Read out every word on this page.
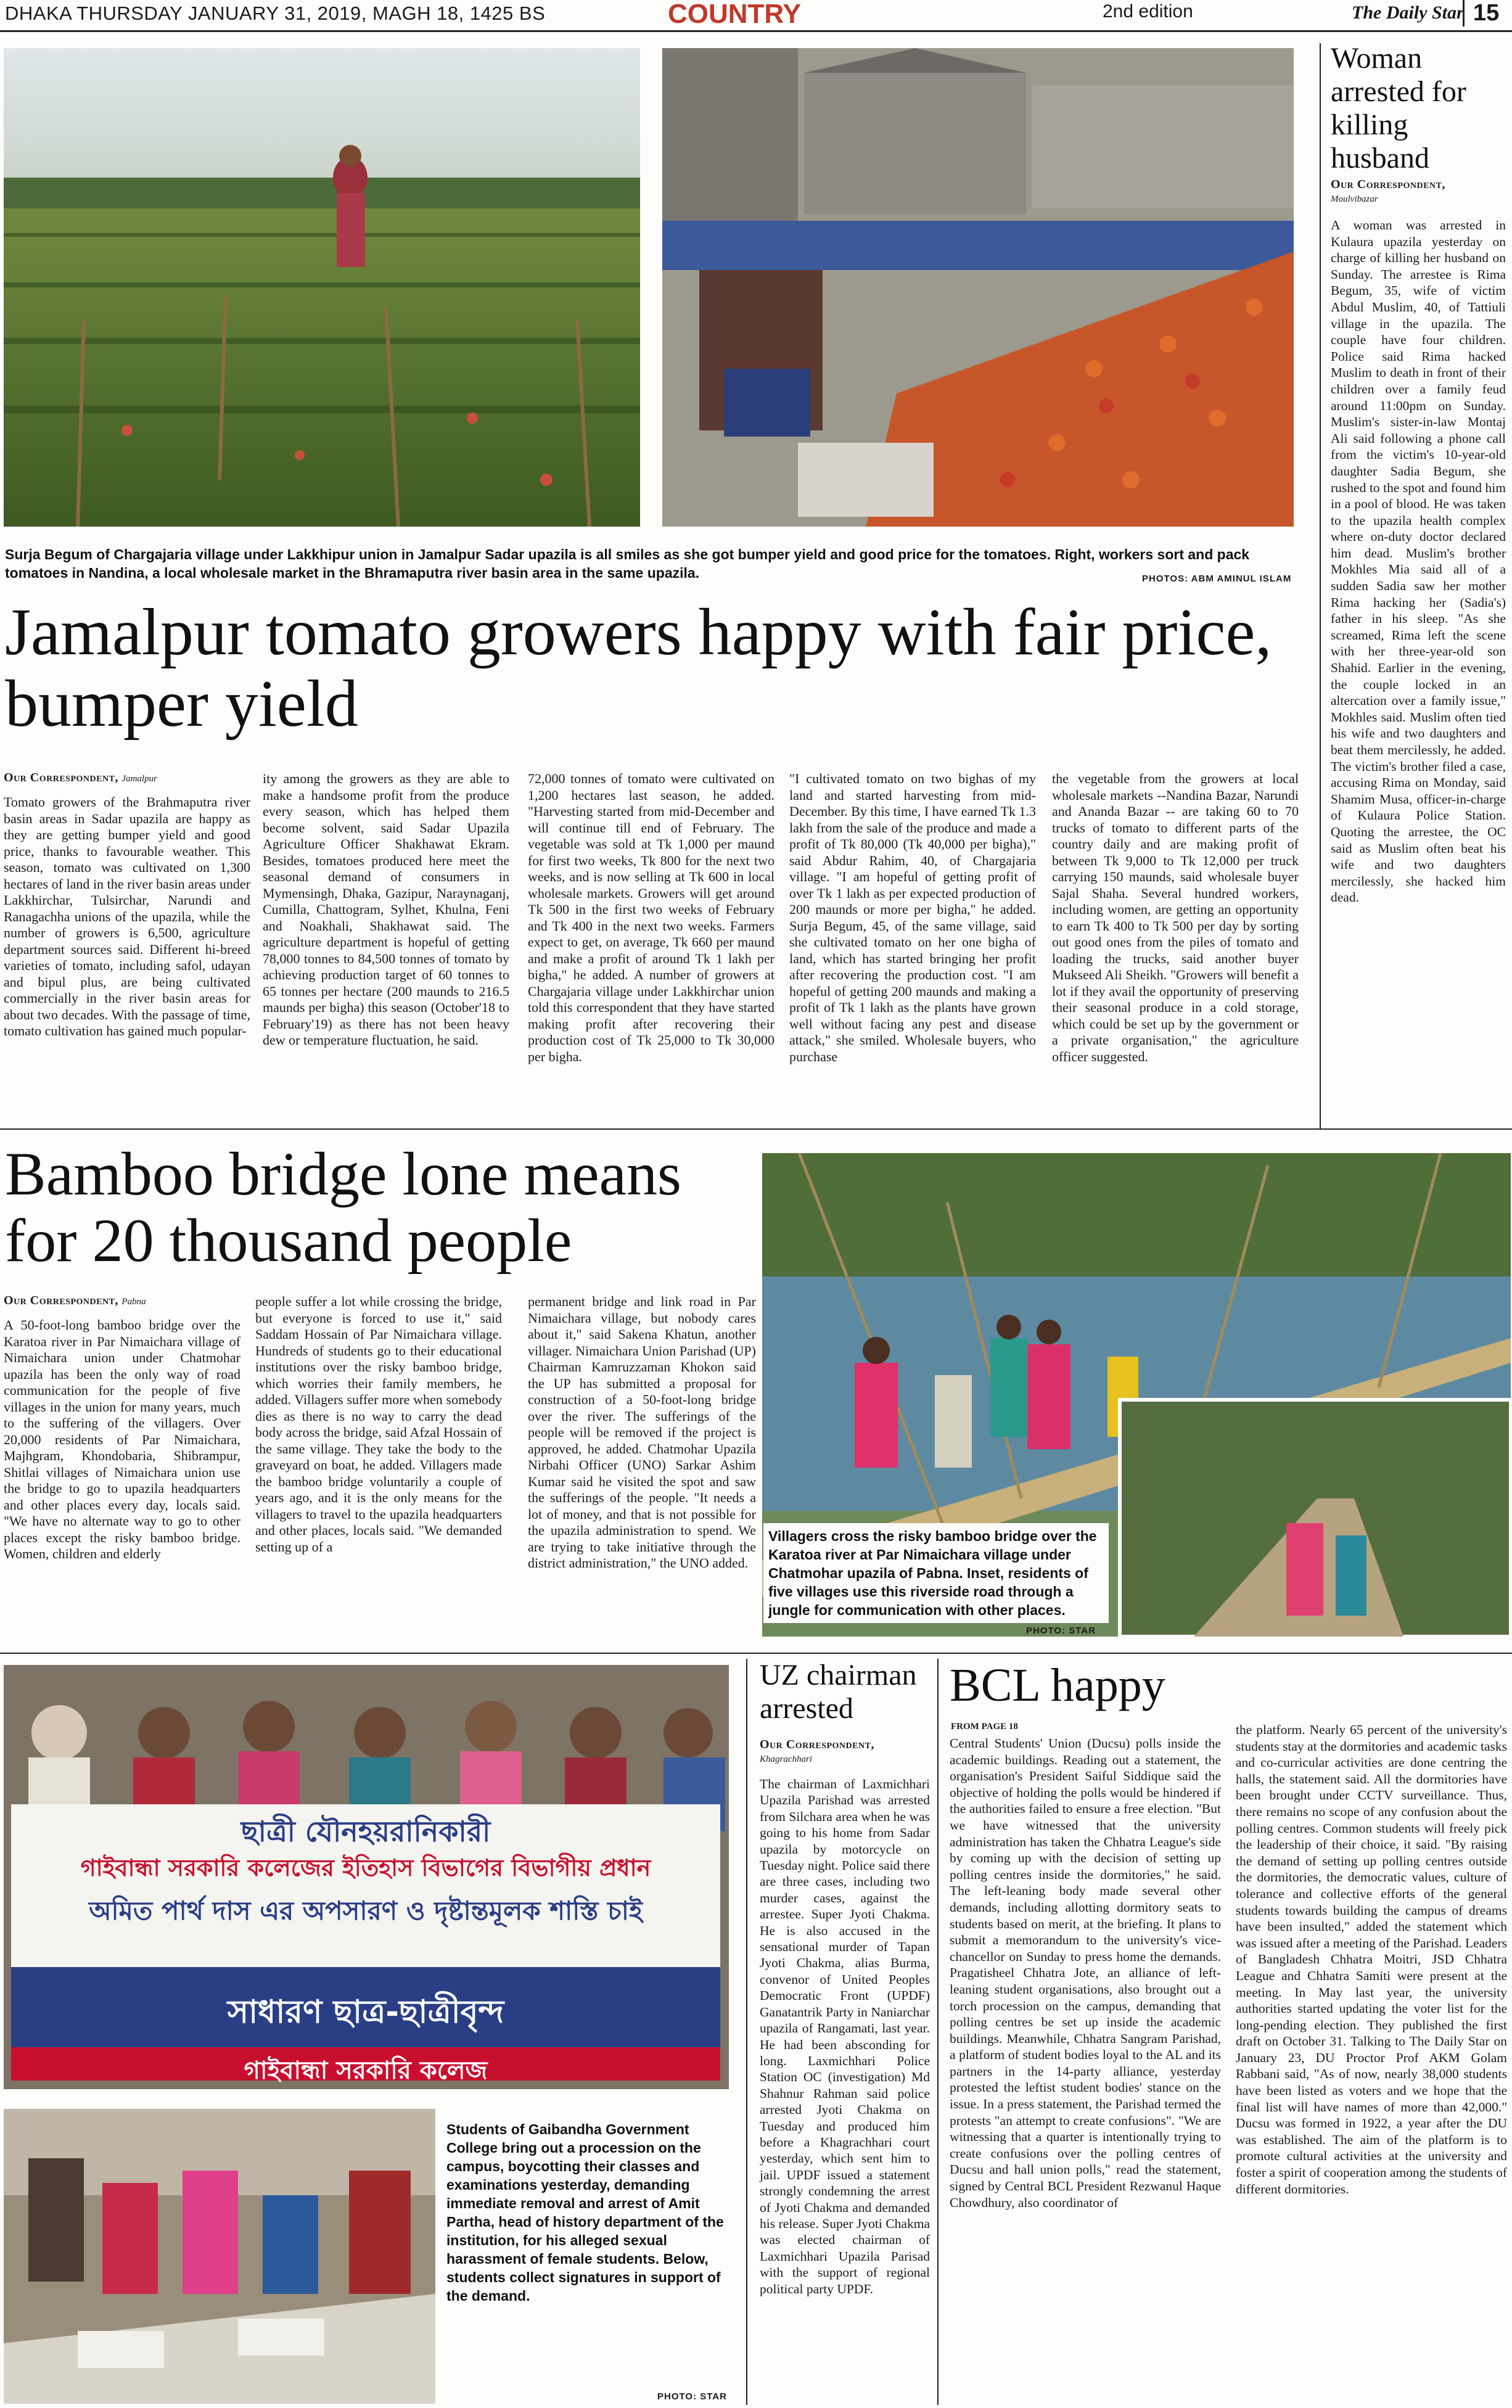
DHAKA THURSDAY JANUARY 31, 2019, MAGH 18, 1425 BS	COUNTRY	2nd edition	The Daily Star 15
Surja Begum of Chargajaria village under Lakkhipur union in Jamalpur Sadar upazila is all smiles as she got bumper yield and good price for the tomatoes. Right, workers sort and pack tomatoes in Nandina, a local wholesale market in the Bhramaputra river basin area in the same upazila.	PHOTOS: ABM AMINUL ISLAM
Jamalpur tomato growers happy with fair price, bumper yield
Our Correspondent, Jamalpur

Tomato growers of the Brahmaputra river basin areas in Sadar upazila are happy as they are getting bumper yield and good price, thanks to favourable weather. This season, tomato was cultivated on 1,300 hectares of land in the river basin areas under Lakkhirchar, Tulsirchar, Narundi and Ranagachha unions of the upazila, while the number of growers is 6,500, agriculture department sources said. Different hi-breed varieties of tomato, including safol, udayan and bipul plus, are being cultivated commercially in the river basin areas for about two decades. With the passage of time, tomato cultivation has gained much popular-

ity among the growers as they are able to make a handsome profit from the produce every season, which has helped them become solvent, said Sadar Upazila Agriculture Officer Shakhawat Ekram. Besides, tomatoes produced here meet the seasonal demand of consumers in Mymensingh, Dhaka, Gazipur, Naraynaganj, Cumilla, Chattogram, Sylhet, Khulna, Feni and Noakhali, Shakhawat said. The agriculture department is hopeful of getting 78,000 tonnes to 84,500 tonnes of tomato by achieving production target of 60 tonnes to 65 tonnes per hectare (200 maunds to 216.5 maunds per bigha) this season (October'18 to February'19) as there has not been heavy dew or temperature fluctuation, he said.

72,000 tonnes of tomato were cultivated on 1,200 hectares last season, he added. "Harvesting started from mid-December and will continue till end of February. The vegetable was sold at Tk 1,000 per maund for first two weeks, Tk 800 for the next two weeks, and is now selling at Tk 600 in local wholesale markets. Growers will get around Tk 500 in the first two weeks of February and Tk 400 in the next two weeks. Farmers expect to get, on average, Tk 660 per maund and make a profit of around Tk 1 lakh per bigha," he added. A number of growers at Chargajaria village under Lakkhirchar union told this correspondent that they have started making profit after recovering their production cost of Tk 25,000 to Tk 30,000 per bigha.

"I cultivated tomato on two bighas of my land and started harvesting from mid-December. By this time, I have earned Tk 1.3 lakh from the sale of the produce and made a profit of Tk 80,000 (Tk 40,000 per bigha)," said Abdur Rahim, 40, of Chargajaria village. "I am hopeful of getting profit of over Tk 1 lakh as per expected production of 200 maunds or more per bigha," he added. Surja Begum, 45, of the same village, said she cultivated tomato on her one bigha of land, which has started bringing her profit after recovering the production cost. "I am hopeful of getting 200 maunds and making a profit of Tk 1 lakh as the plants have grown well without facing any pest and disease attack," she smiled. Wholesale buyers, who purchase

the vegetable from the growers at local wholesale markets --Nandina Bazar, Narundi and Ananda Bazar -- are taking 60 to 70 trucks of tomato to different parts of the country daily and are making profit of between Tk 9,000 to Tk 12,000 per truck carrying 150 maunds, said wholesale buyer Sajal Shaha. Several hundred workers, including women, are getting an opportunity to earn Tk 400 to Tk 500 per day by sorting out good ones from the piles of tomato and loading the trucks, said another buyer Mukseed Ali Sheikh. "Growers will benefit a lot if they avail the opportunity of preserving their seasonal produce in a cold storage, which could be set up by the government or a private organisation," the agriculture officer suggested.

Woman arrested for killing husband
Our Correspondent,
Moulvibazar

A woman was arrested in Kulaura upazila yesterday on charge of killing her husband on Sunday. The arrestee is Rima Begum, 35, wife of victim Abdul Muslim, 40, of Tattiuli village in the upazila. The couple have four children. Police said Rima hacked Muslim to death in front of their children over a family feud around 11:00pm on Sunday. Muslim's sister-in-law Montaj Ali said following a phone call from the victim's 10-year-old daughter Sadia Begum, she rushed to the spot and found him in a pool of blood. He was taken to the upazila health complex where on-duty doctor declared him dead. Muslim's brother Mokhles Mia said all of a sudden Sadia saw her mother Rima hacking her (Sadia's) father in his sleep. "As she screamed, Rima left the scene with her three-year-old son Shahid. Earlier in the evening, the couple locked in an altercation over a family issue," Mokhles said. Muslim often tied his wife and two daughters and beat them mercilessly, he added. The victim's brother filed a case, accusing Rima on Monday, said Shamim Musa, officer-in-charge of Kulaura Police Station. Quoting the arrestee, the OC said as Muslim often beat his wife and two daughters mercilessly, she hacked him dead.

Bamboo bridge lone means for 20 thousand people
Our Correspondent, Pabna

A 50-foot-long bamboo bridge over the Karatoa river in Par Nimaichara village of Nimaichara union under Chatmohar upazila has been the only way of road communication for the people of five villages in the union for many years, much to the suffering of the villagers. Over 20,000 residents of Par Nimaichara, Majhgram, Khondobaria, Shibrampur, Shitlai villages of Nimaichara union use the bridge to go to upazila headquarters and other places every day, locals said. "We have no alternate way to go to other places except the risky bamboo bridge. Women, children and elderly

people suffer a lot while crossing the bridge, but everyone is forced to use it," said Saddam Hossain of Par Nimaichara village. Hundreds of students go to their educational institutions over the risky bamboo bridge, which worries their family members, he added. Villagers suffer more when somebody dies as there is no way to carry the dead body across the bridge, said Afzal Hossain of the same village. They take the body to the graveyard on boat, he added. Villagers made the bamboo bridge voluntarily a couple of years ago, and it is the only means for the villagers to travel to the upazila headquarters and other places, locals said. "We demanded setting up of a

permanent bridge and link road in Par Nimaichara village, but nobody cares about it," said Sakena Khatun, another villager. Nimaichara Union Parishad (UP) Chairman Kamruzzaman Khokon said the UP has submitted a proposal for construction of a 50-foot-long bridge over the river. The sufferings of the people will be removed if the project is approved, he added. Chatmohar Upazila Nirbahi Officer (UNO) Sarkar Ashim Kumar said he visited the spot and saw the sufferings of the people. "It needs a lot of money, and that is not possible for the upazila administration to spend. We are trying to take initiative through the district administration," the UNO added.

Villagers cross the risky bamboo bridge over the Karatoa river at Par Nimaichara village under Chatmohar upazila of Pabna. Inset, residents of five villages use this riverside road through a jungle for communication with other places.
PHOTO: STAR
ছাত্রী যৌনহয়রানিকারী
গাইবান্ধা সরকারি কলেজের ইতিহাস বিভাগের বিভাগীয় প্রধান
অমিত পার্থ দাস এর অপসারণ ও দৃষ্টান্তমূলক শাস্তি চাই
সাধারণ ছাত্র-ছাত্রীবৃন্দ
গাইবান্ধা সরকারি কলেজ
Students of Gaibandha Government College bring out a procession on the campus, boycotting their classes and examinations yesterday, demanding immediate removal and arrest of Amit Partha, head of history department of the institution, for his alleged sexual harassment of female students. Below, students collect signatures in support of the demand.
PHOTO: STAR
UZ chairman arrested
Our Correspondent,
Khagrachhari

The chairman of Laxmichhari Upazila Parishad was arrested from Silchara area when he was going to his home from Sadar upazila by motorcycle on Tuesday night. Police said there are three cases, including two murder cases, against the arrestee. Super Jyoti Chakma. He is also accused in the sensational murder of Tapan Jyoti Chakma, alias Burma, convenor of United Peoples Democratic Front (UPDF) Ganatantrik Party in Naniarchar upazila of Rangamati, last year. He had been absconding for long. Laxmichhari Police Station OC (investigation) Md Shahnur Rahman said police arrested Jyoti Chakma on Tuesday and produced him before a Khagrachhari court yesterday, which sent him to jail. UPDF issued a statement strongly condemning the arrest of Jyoti Chakma and demanded his release. Super Jyoti Chakma was elected chairman of Laxmichhari Upazila Parisad with the support of regional political party UPDF.

BCL happy
FROM PAGE 18

Central Students' Union (Ducsu) polls inside the academic buildings. Reading out a statement, the organisation's President Saiful Siddique said the objective of holding the polls would be hindered if the authorities failed to ensure a free election. "But we have witnessed that the university administration has taken the Chhatra League's side by coming up with the decision of setting up polling centres inside the dormitories," he said. The left-leaning body made several other demands, including allotting dormitory seats to students based on merit, at the briefing. It plans to submit a memorandum to the university's vice-chancellor on Sunday to press home the demands. Pragatisheel Chhatra Jote, an alliance of left-leaning student organisations, also brought out a torch procession on the campus, demanding that polling centres be set up inside the academic buildings. Meanwhile, Chhatra Sangram Parishad, a platform of student bodies loyal to the AL and its partners in the 14-party alliance, yesterday protested the leftist student bodies' stance on the issue. In a press statement, the Parishad termed the protests "an attempt to create confusions". "We are witnessing that a quarter is intentionally trying to create confusions over the polling centres of Ducsu and hall union polls," read the statement, signed by Central BCL President Rezwanul Haque Chowdhury, also coordinator of

the platform. Nearly 65 percent of the university's students stay at the dormitories and academic tasks and co-curricular activities are done centring the halls, the statement said. All the dormitories have been brought under CCTV surveillance. Thus, there remains no scope of any confusion about the polling centres. Common students will freely pick the leadership of their choice, it said. "By raising the demand of setting up polling centres outside the dormitories, the democratic values, culture of tolerance and collective efforts of the general students towards building the campus of dreams have been insulted," added the statement which was issued after a meeting of the Parishad. Leaders of Bangladesh Chhatra Moitri, JSD Chhatra League and Chhatra Samiti were present at the meeting. In May last year, the university authorities started updating the voter list for the long-pending election. They published the first draft on October 31. Talking to The Daily Star on January 23, DU Proctor Prof AKM Golam Rabbani said, "As of now, nearly 38,000 students have been listed as voters and we hope that the final list will have names of more than 42,000." Ducsu was formed in 1922, a year after the DU was established. The aim of the platform is to promote cultural activities at the university and foster a spirit of cooperation among the students of different dormitories.
